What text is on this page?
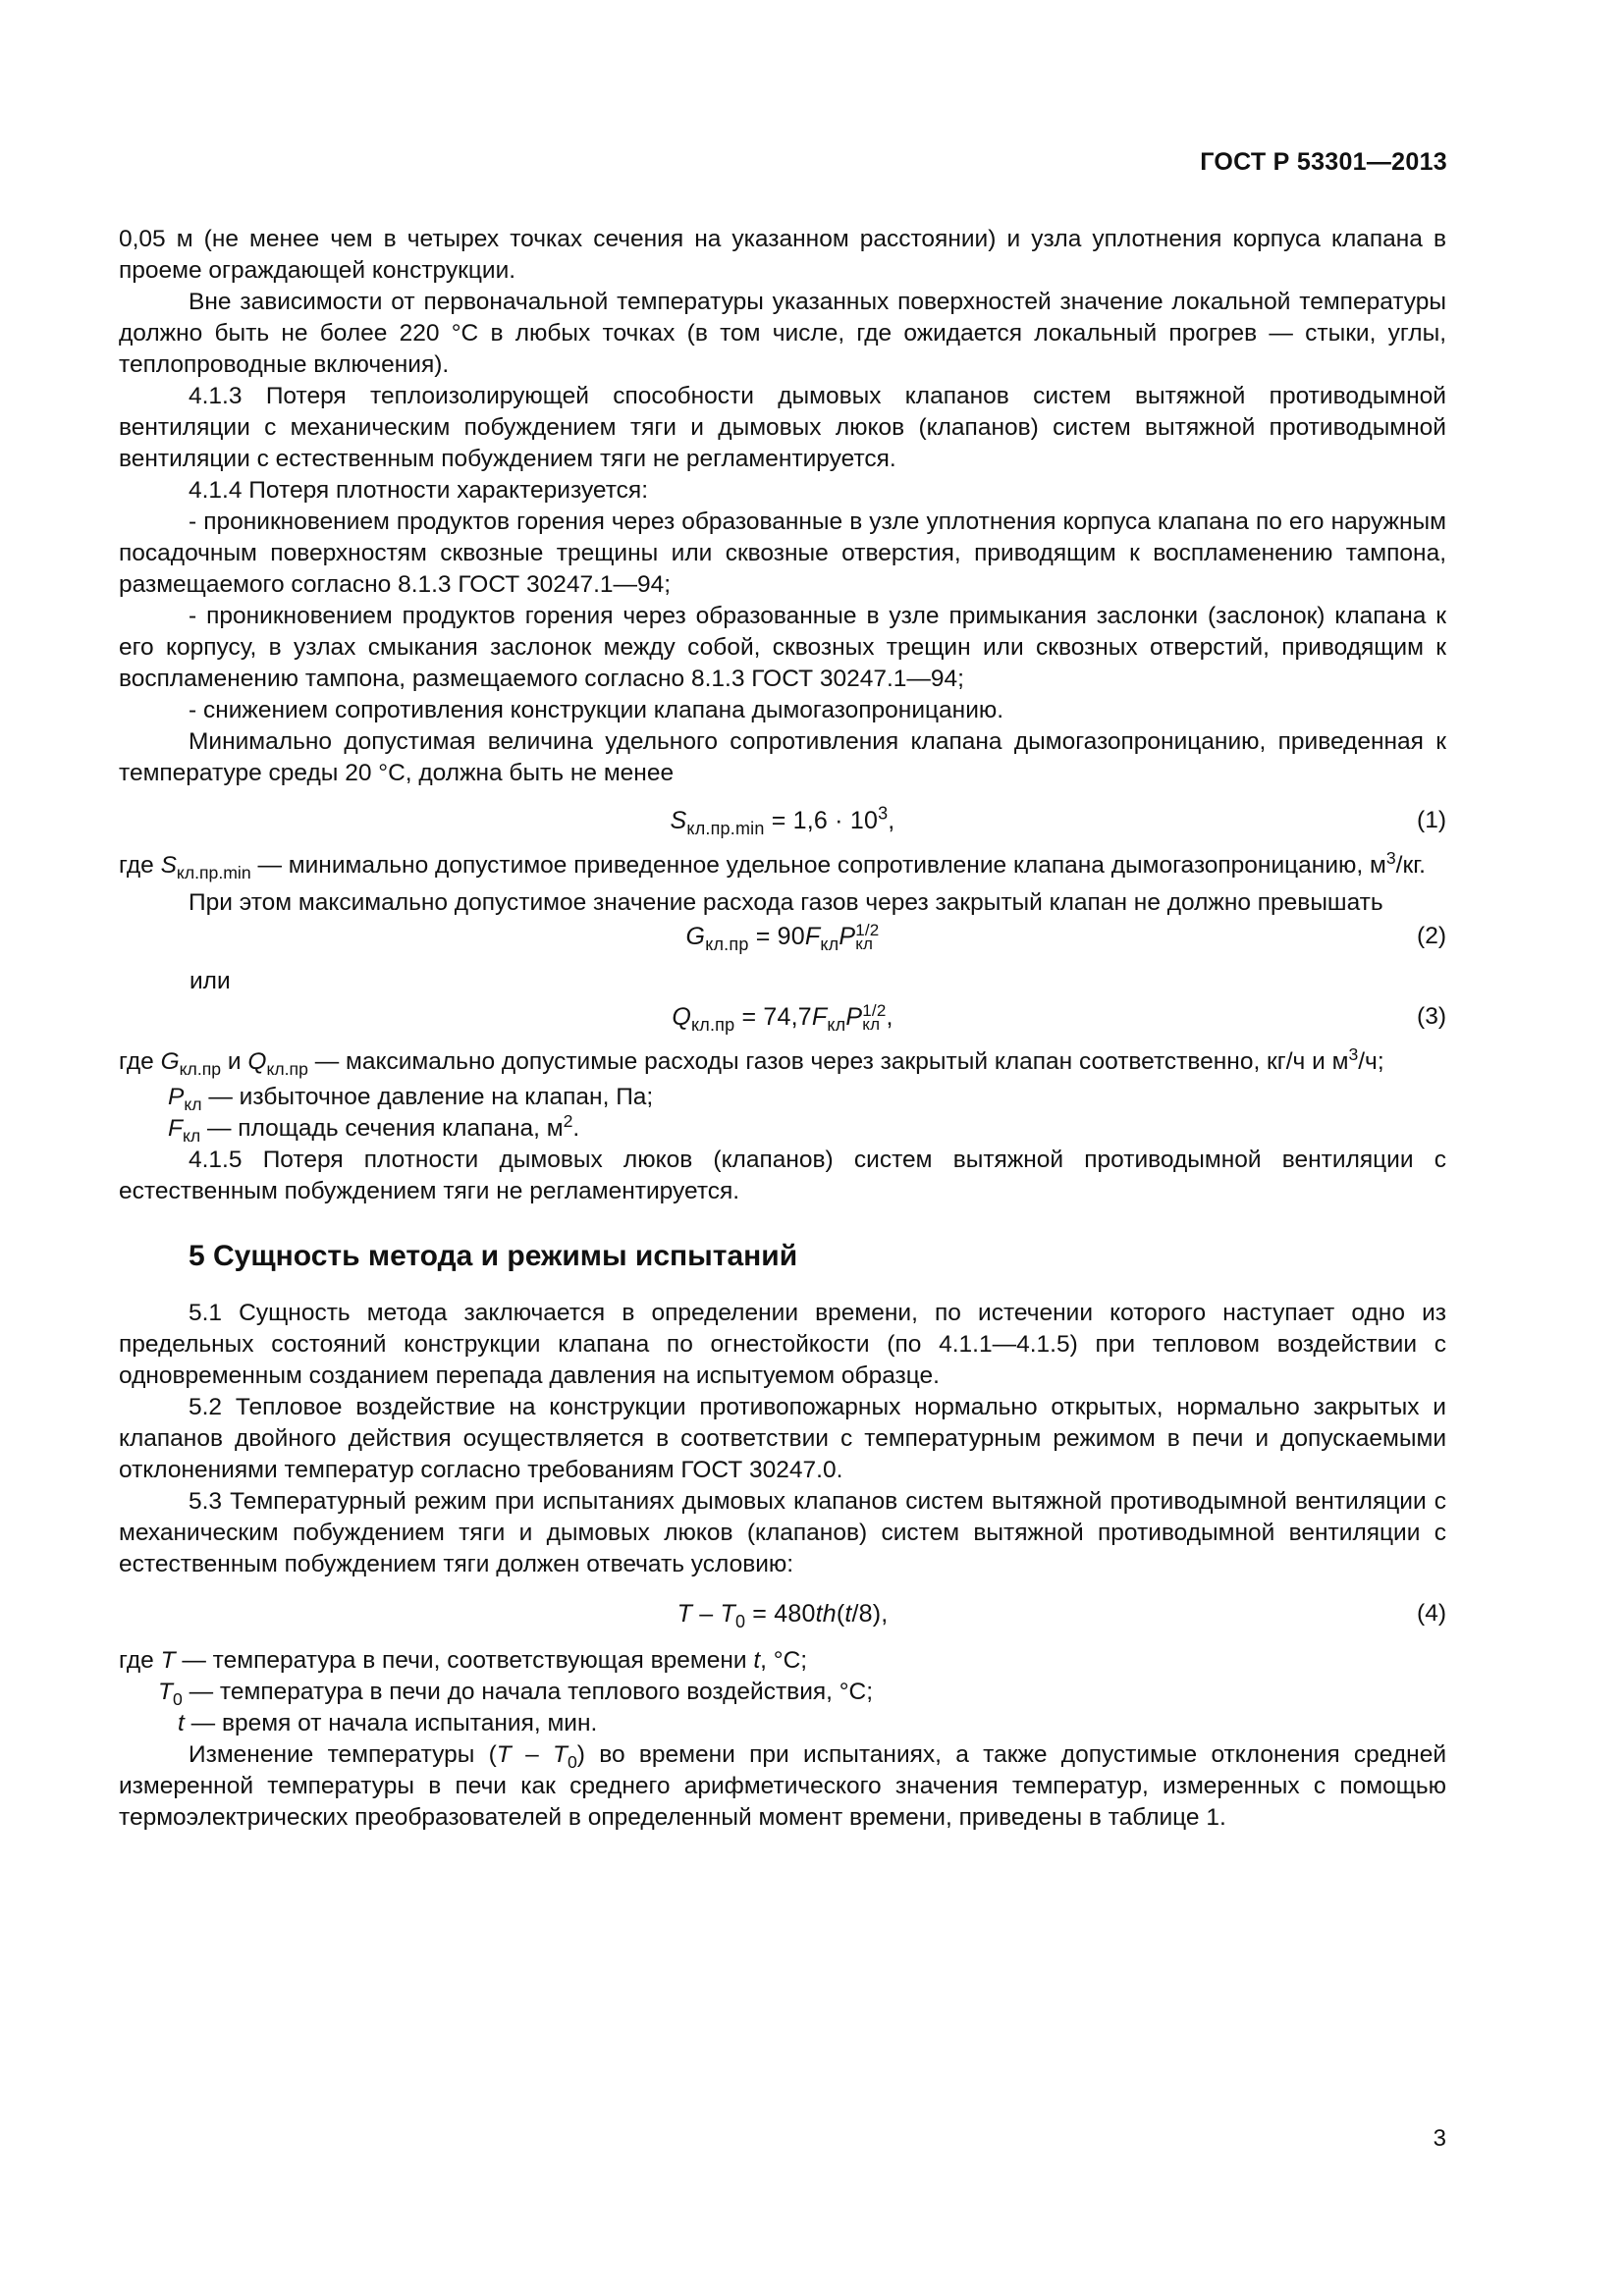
ГОСТ Р 53301—2013

0,05 м (не менее чем в четырех точках сечения на указанном расстоянии) и узла уплотнения корпуса клапана в проеме ограждающей конструкции.

Вне зависимости от первоначальной температуры указанных поверхностей значение локальной температуры должно быть не более 220 °С в любых точках (в том числе, где ожидается локальный прогрев — стыки, углы, теплопроводные включения).

4.1.3 Потеря теплоизолирующей способности дымовых клапанов систем вытяжной противодымной вентиляции с механическим побуждением тяги и дымовых люков (клапанов) систем вытяжной противодымной вентиляции с естественным побуждением тяги не регламентируется.

4.1.4 Потеря плотности характеризуется:

- проникновением продуктов горения через образованные в узле уплотнения корпуса клапана по его наружным посадочным поверхностям сквозные трещины или сквозные отверстия, приводящим к воспламенению тампона, размещаемого согласно 8.1.3 ГОСТ 30247.1—94;

- проникновением продуктов горения через образованные в узле примыкания заслонки (заслонок) клапана к его корпусу, в узлах смыкания заслонок между собой, сквозных трещин или сквозных отверстий, приводящим к воспламенению тампона, размещаемого согласно 8.1.3 ГОСТ 30247.1—94;

- снижением сопротивления конструкции клапана дымогазопроницанию.

Минимально допустимая величина удельного сопротивления клапана дымогазопроницанию, приведенная к температуре среды 20 °С, должна быть не менее

$S_{кл.пр.min} = 1,6 \cdot 10^3$,	(1)

где $S_{кл.пр.min}$ — минимально допустимое приведенное удельное сопротивление клапана дымогазопроницанию, $м^3/кг$.

При этом максимально допустимое значение расхода газов через закрытый клапан не должно превышать

$G_{кл.пр} = 90F_{кл}P$ 1/2
кл	(2)

или

$Q_{кл.пр} = 74,7F_{кл}P$ 1/2
кл ,	(3)

где $G_{кл.пр}$ и $Q_{кл.пр}$ — максимально допустимые расходы газов через закрытый клапан соответственно, кг/ч и $м^3/ч$;

$P_{кл}$ — избыточное давление на клапан, Па;

$F_{кл}$ — площадь сечения клапана, $м^2$.

4.1.5 Потеря плотности дымовых люков (клапанов) систем вытяжной противодымной вентиляции с естественным побуждением тяги не регламентируется.

5 Сущность метода и режимы испытаний

5.1 Сущность метода заключается в определении времени, по истечении которого наступает одно из предельных состояний конструкции клапана по огнестойкости (по 4.1.1—4.1.5) при тепловом воздействии с одновременным созданием перепада давления на испытуемом образце.

5.2 Тепловое воздействие на конструкции противопожарных нормально открытых, нормально закрытых и клапанов двойного действия осуществляется в соответствии с температурным режимом в печи и допускаемыми отклонениями температур согласно требованиям ГОСТ 30247.0.

5.3 Температурный режим при испытаниях дымовых клапанов систем вытяжной противодымной вентиляции с механическим побуждением тяги и дымовых люков (клапанов) систем вытяжной противодымной вентиляции с естественным побуждением тяги должен отвечать условию:

$T - T_0 = 480th(t/8)$,	(4)

где T — температура в печи, соответствующая времени t, °С;

$T_0$ — температура в печи до начала теплового воздействия, °С;

t — время от начала испытания, мин.

Изменение температуры $(T - T_0)$ во времени при испытаниях, а также допустимые отклонения средней измеренной температуры в печи как среднего арифметического значения температур, измеренных с помощью термоэлектрических преобразователей в определенный момент времени, приведены в таблице 1.

3
